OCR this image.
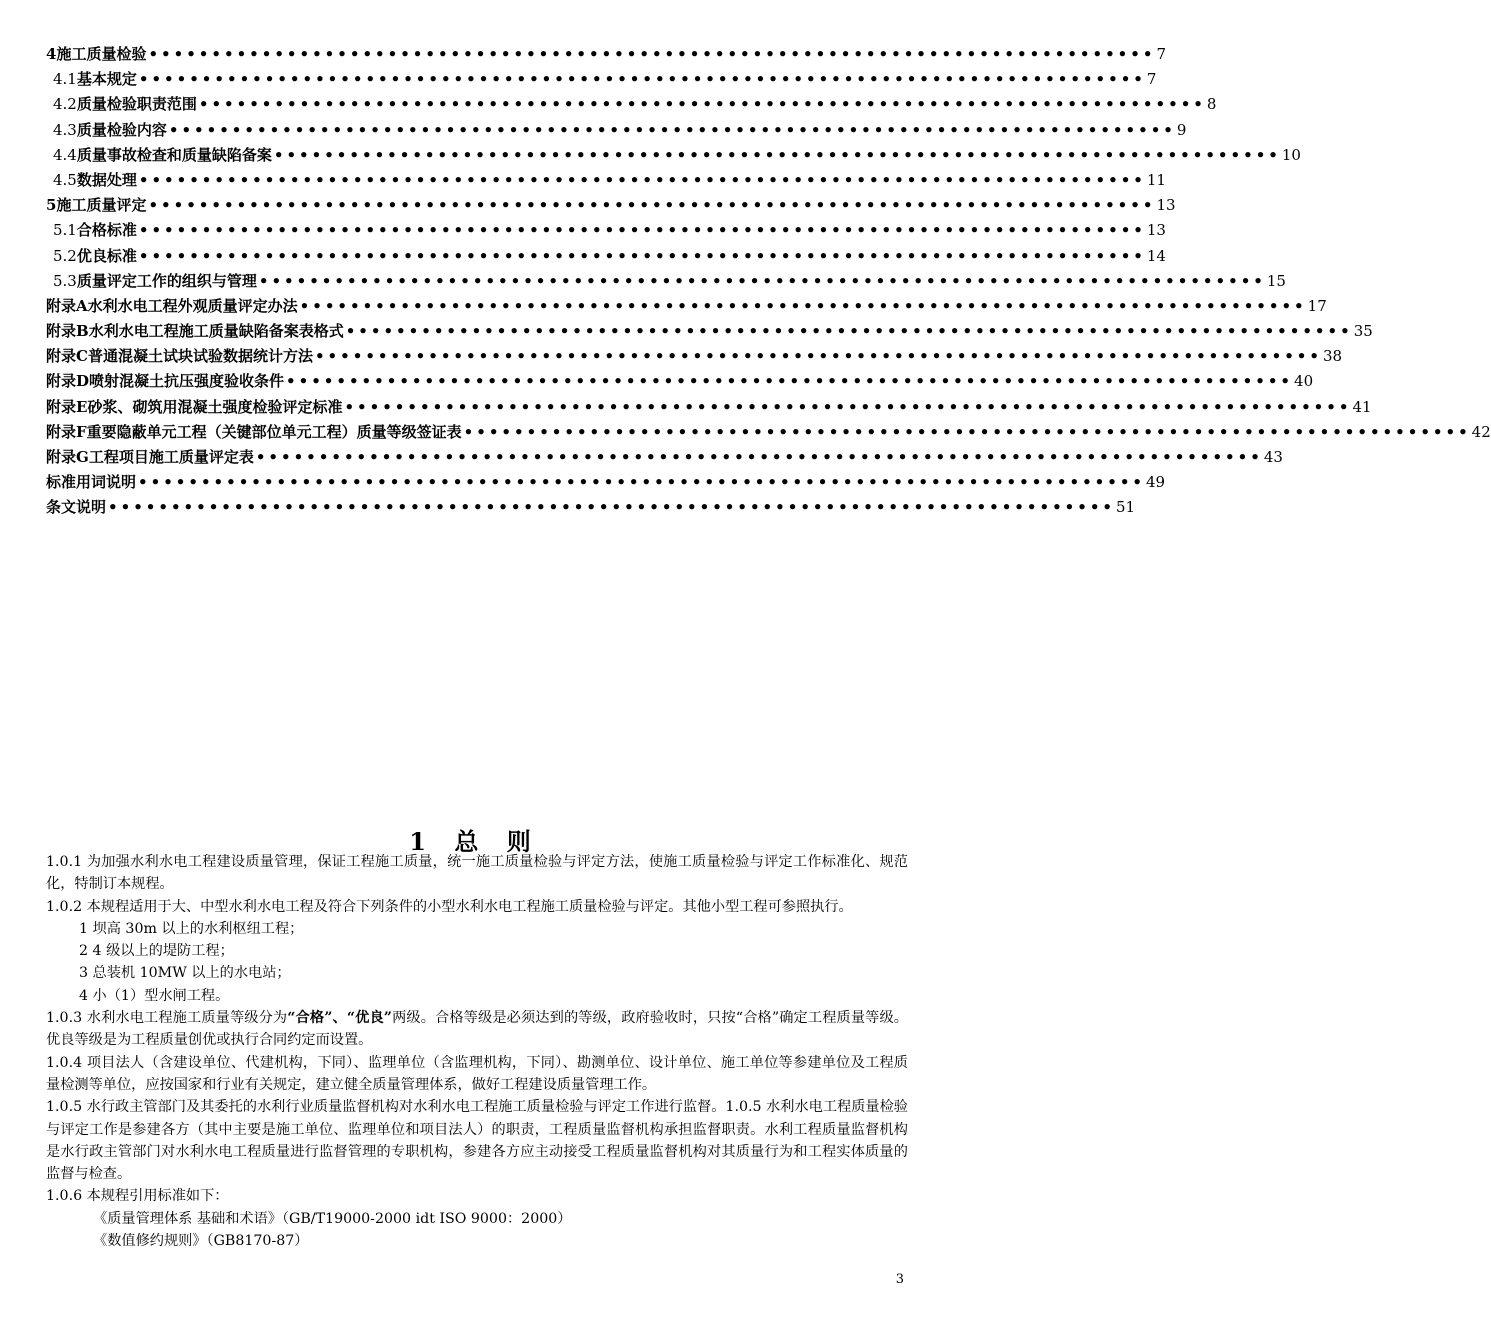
4 施工质量检验 •••••••••••••••••••••••••••••••••••••••••••••••••••••••••••••••••••••••••••••••• 7
4.1 基本规定 •••••••••••••••••••••••••••••••••••••••••••••••••••••••••••••••••••••••••••••••• 7
4.2 质量检验职责范围 •••••••••••••••••••••••••••••••••••••••••••••••••••••••••••••••••••••••••••••••• 8
4.3 质量检验内容 •••••••••••••••••••••••••••••••••••••••••••••••••••••••••••••••••••••••••••••••• 9
4.4 质量事故检查和质量缺陷备案 •••••••••••••••••••••••••••••••••••••••••••••••••••••••••••••••••••••••••••••••• 10
4.5 数据处理 •••••••••••••••••••••••••••••••••••••••••••••••••••••••••••••••••••••••••••••••• 11
5 施工质量评定 •••••••••••••••••••••••••••••••••••••••••••••••••••••••••••••••••••••••••••••••• 13
5.1 合格标准 •••••••••••••••••••••••••••••••••••••••••••••••••••••••••••••••••••••••••••••••• 13
5.2 优良标准 •••••••••••••••••••••••••••••••••••••••••••••••••••••••••••••••••••••••••••••••• 14
5.3 质量评定工作的组织与管理 •••••••••••••••••••••••••••••••••••••••••••••••••••••••••••••••••••••••••••••••• 15
附录A 水利水电工程外观质量评定办法 •••••••••••••••••••••••••••••••••••••••••••••••••••••••••••••••••••••••••••••••• 17
附录B 水利水电工程施工质量缺陷备案表格式 •••••••••••••••••••••••••••••••••••••••••••••••••••••••••••••••••••••••••••••••• 35
附录C 普通混凝土试块试验数据统计方法 •••••••••••••••••••••••••••••••••••••••••••••••••••••••••••••••••••••••••••••••• 38
附录D 喷射混凝土抗压强度验收条件 •••••••••••••••••••••••••••••••••••••••••••••••••••••••••••••••••••••••••••••••• 40
附录E 砂浆、砌筑用混凝土强度检验评定标准 •••••••••••••••••••••••••••••••••••••••••••••••••••••••••••••••••••••••••••••••• 41
附录F 重要隐蔽单元工程（关键部位单元工程）质量等级签证表 •••••••••••••••••••••••••••••••••••••••••••••••••••••••••••••••••••••••••••••••• 42
附录G 工程项目施工质量评定表 •••••••••••••••••••••••••••••••••••••••••••••••••••••••••••••••••••••••••••••••• 43
标准用词说明 •••••••••••••••••••••••••••••••••••••••••••••••••••••••••••••••••••••••••••••••• 49
条文说明 •••••••••••••••••••••••••••••••••••••••••••••••••••••••••••••••••••••••••••••••• 51
1 总 则

1.0.1 为加强水利水电工程建设质量管理，保证工程施工质量，统一施工质量检验与评定方法，使施工质量检验与评定工作标准化、规范化，特制订本规程。

1.0.2 本规程适用于大、中型水利水电工程及符合下列条件的小型水利水电工程施工质量检验与评定。其他小型工程可参照执行。

1 坝高 30m 以上的水利枢纽工程；

2 4 级以上的堤防工程；

3 总装机 10MW 以上的水电站；

4 小（1）型水闸工程。

1.0.3 水利水电工程施工质量等级分为“合格”、“优良”两级。合格等级是必须达到的等级，政府验收时，只按“合格”确定工程质量等级。优良等级是为工程质量创优或执行合同约定而设置。

1.0.4 项目法人（含建设单位、代建机构，下同）、监理单位（含监理机构，下同）、勘测单位、设计单位、施工单位等参建单位及工程质量检测等单位，应按国家和行业有关规定，建立健全质量管理体系，做好工程建设质量管理工作。

1.0.5 水行政主管部门及其委托的水利行业质量监督机构对水利水电工程施工质量检验与评定工作进行监督。1.0.5 水利水电工程质量检验与评定工作是参建各方（其中主要是施工单位、监理单位和项目法人）的职责，工程质量监督机构承担监督职责。水利工程质量监督机构是水行政主管部门对水利水电工程质量进行监督管理的专职机构，参建各方应主动接受工程质量监督机构对其质量行为和工程实体质量的监督与检查。

1.0.6 本规程引用标准如下：

《质量管理体系 基础和术语》（GB/T19000-2000 idt ISO 9000：2000）

《数值修约规则》（GB8170-87）

3
